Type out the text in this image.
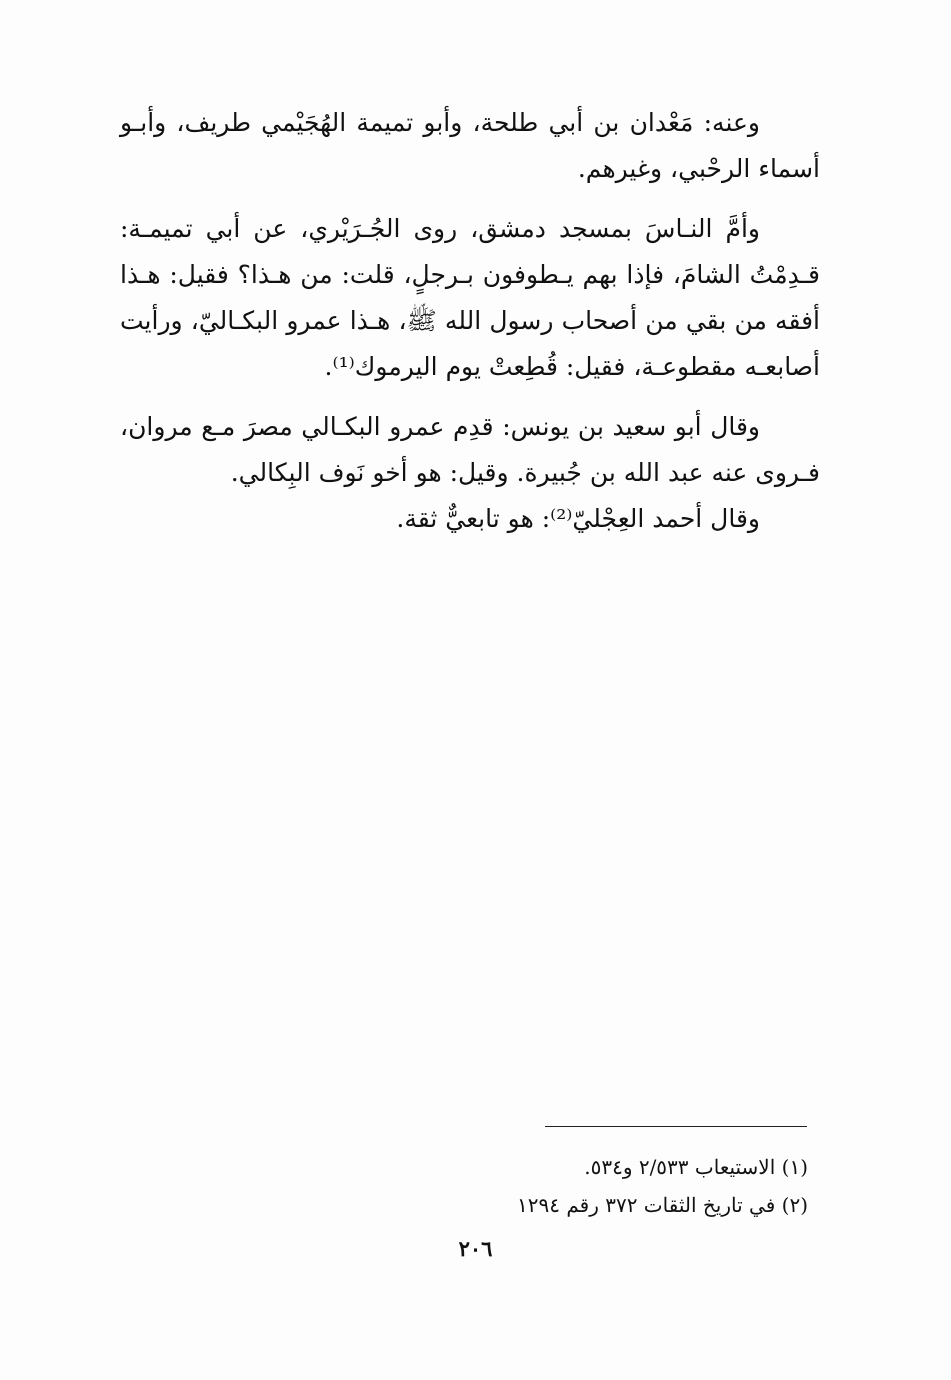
وعنه: مَعْدان بن أبي طلحة، وأبو تميمة الهُجَيْمي طريف، وأبـو أسماء الرحْبي، وغيرهم.

وأمَّ النـاسَ بمسجد دمشق، روى الجُـرَيْري، عن أبي تميمـة: قـدِمْتُ الشامَ، فإذا بهم يـطوفون بـرجلٍ، قلت: من هـذا؟ فقيل: هـذا أفقه من بقي من أصحاب رسول الله ﷺ، هـذا عمرو البكـاليّ، ورأيت أصابعـه مقطوعـة، فقيل: قُطِعتْ يوم اليرموك⁽¹⁾.

وقال أبو سعيد بن يونس: قدِم عمرو البكـالي مصرَ مـع مروان، فـروى عنه عبد الله بن جُبيرة. وقيل: هو أخو نَوف البِكالي.

وقال أحمد العِجْليّ⁽²⁾: هو تابعيٌّ ثقة.

(١) الاستيعاب ٢/٥٣٣ و٥٣٤.
(٢) في تاريخ الثقات ٣٧٢ رقم ١٢٩٤
٢٠٦
